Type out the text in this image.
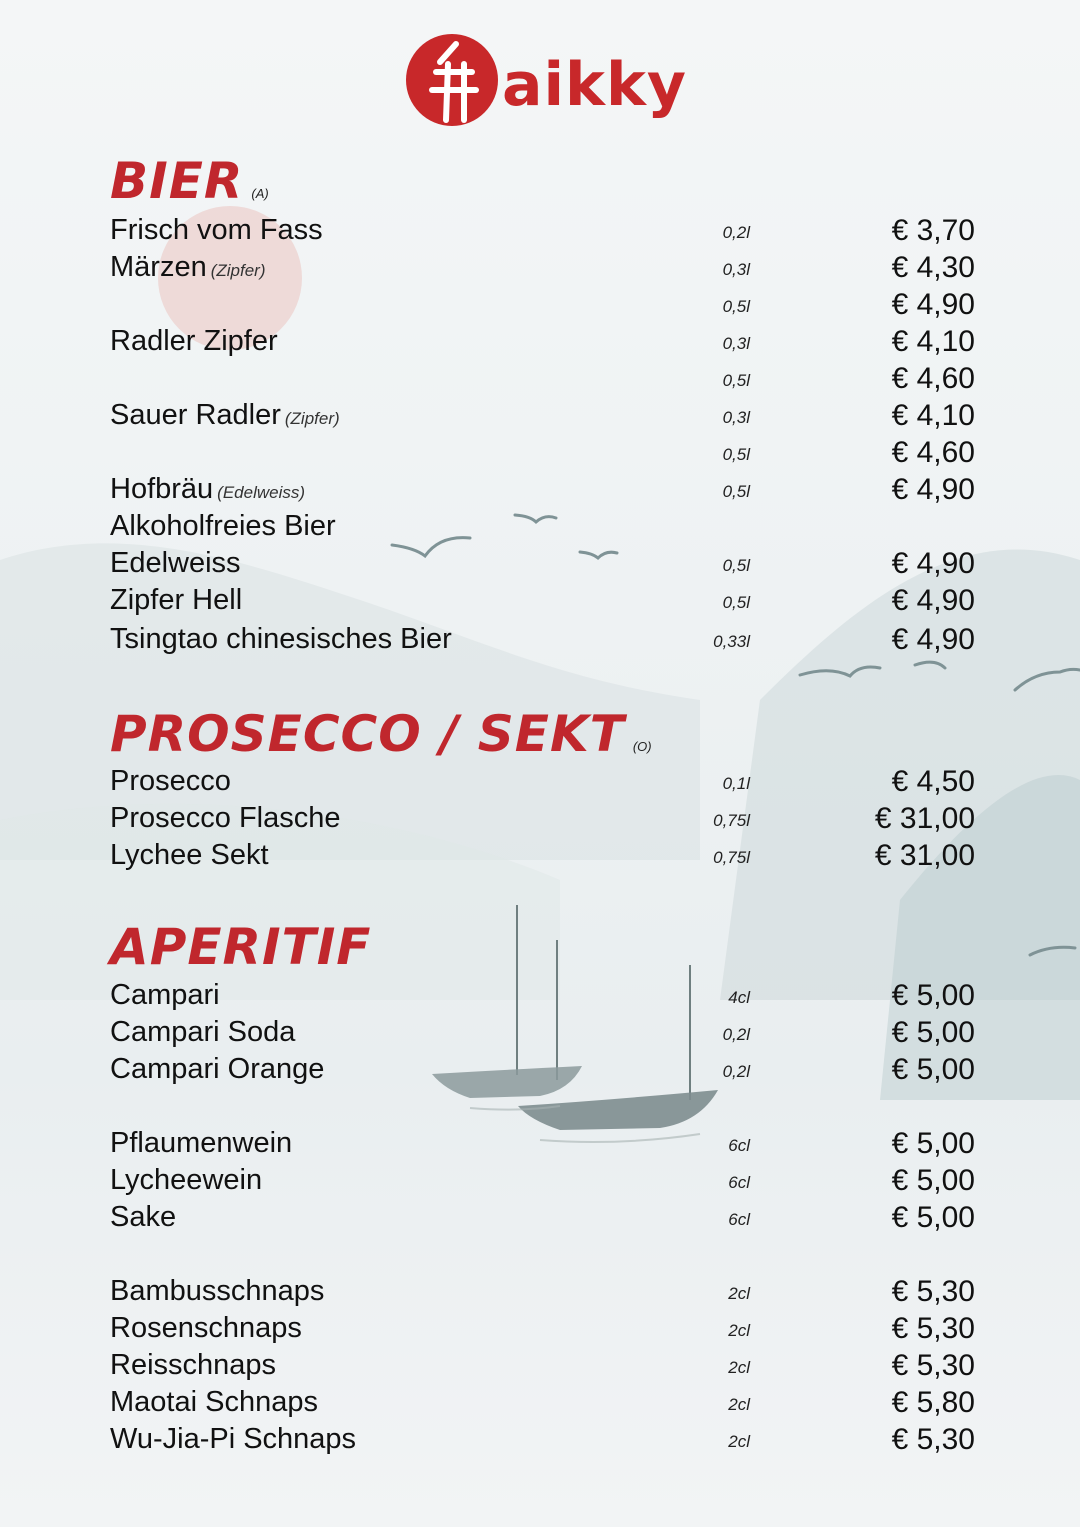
aikky
BIER (A)
Frisch vom Fass	0,2l	€ 3,70
Märzen (Zipfer)	0,3l	€ 4,30
0,5l	€ 4,90
Radler Zipfer	0,3l	€ 4,10
0,5l	€ 4,60
Sauer Radler (Zipfer)	0,3l	€ 4,10
0,5l	€ 4,60
Hofbräu (Edelweiss)	0,5l	€ 4,90
Alkoholfreies Bier
Edelweiss	0,5l	€ 4,90
Zipfer Hell	0,5l	€ 4,90
Tsingtao chinesisches Bier	0,33l	€ 4,90
PROSECCO / SEKT (O)
Prosecco	0,1l	€ 4,50
Prosecco Flasche	0,75l	€ 31,00
Lychee Sekt	0,75l	€ 31,00
APERITIF
Campari	4cl	€ 5,00
Campari Soda	0,2l	€ 5,00
Campari Orange	0,2l	€ 5,00
Pflaumenwein	6cl	€ 5,00
Lycheewein	6cl	€ 5,00
Sake	6cl	€ 5,00
Bambusschnaps	2cl	€ 5,30
Rosenschnaps	2cl	€ 5,30
Reisschnaps	2cl	€ 5,30
Maotai Schnaps	2cl	€ 5,80
Wu-Jia-Pi Schnaps	2cl	€ 5,30
